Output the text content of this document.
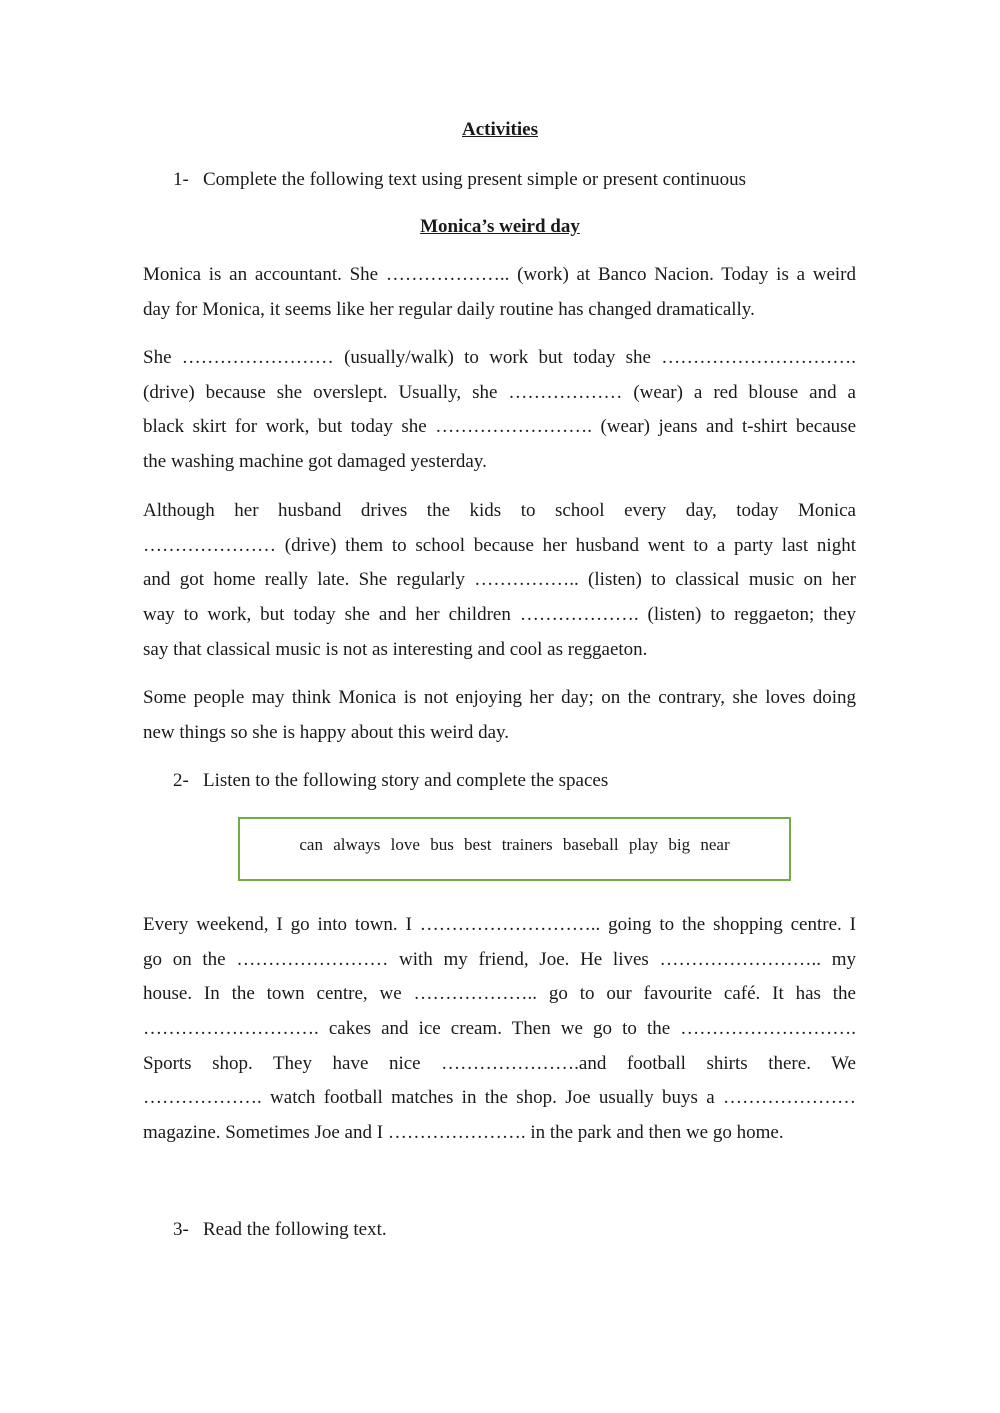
Activities
1- Complete the following text using present simple or present continuous
Monica’s weird day
Monica is an accountant. She ……………….. (work) at Banco Nacion. Today is a weird
day for Monica, it seems like her regular daily routine has changed dramatically.
She …………………… (usually/walk) to work but today she ………………………….
(drive) because she overslept. Usually, she ……………… (wear) a red blouse and a
black skirt for work, but today she ……………………. (wear) jeans and t-shirt because
the washing machine got damaged yesterday.
Although her husband drives the kids to school every day, today Monica
………………… (drive) them to school because her husband went to a party last night
and got home really late. She regularly …………….. (listen) to classical music on her
way to work, but today she and her children ………………. (listen) to reggaeton; they
say that classical music is not as interesting and cool as reggaeton.
Some people may think Monica is not enjoying her day; on the contrary, she loves doing
new things so she is happy about this weird day.
2- Listen to the following story and complete the spaces
can always love bus best trainers baseball play big near
Every weekend, I go into town. I ……………………….. going to the shopping centre. I
go on the …………………… with my friend, Joe. He lives …………………….. my
house. In the town centre, we ……………….. go to our favourite café. It has the
………………………. cakes and ice cream. Then we go to the ……………………….
Sports shop. They have nice ………………….and football shirts there. We
………………. watch football matches in the shop. Joe usually buys a …………………
magazine. Sometimes Joe and I …………………. in the park and then we go home.
3- Read the following text.
